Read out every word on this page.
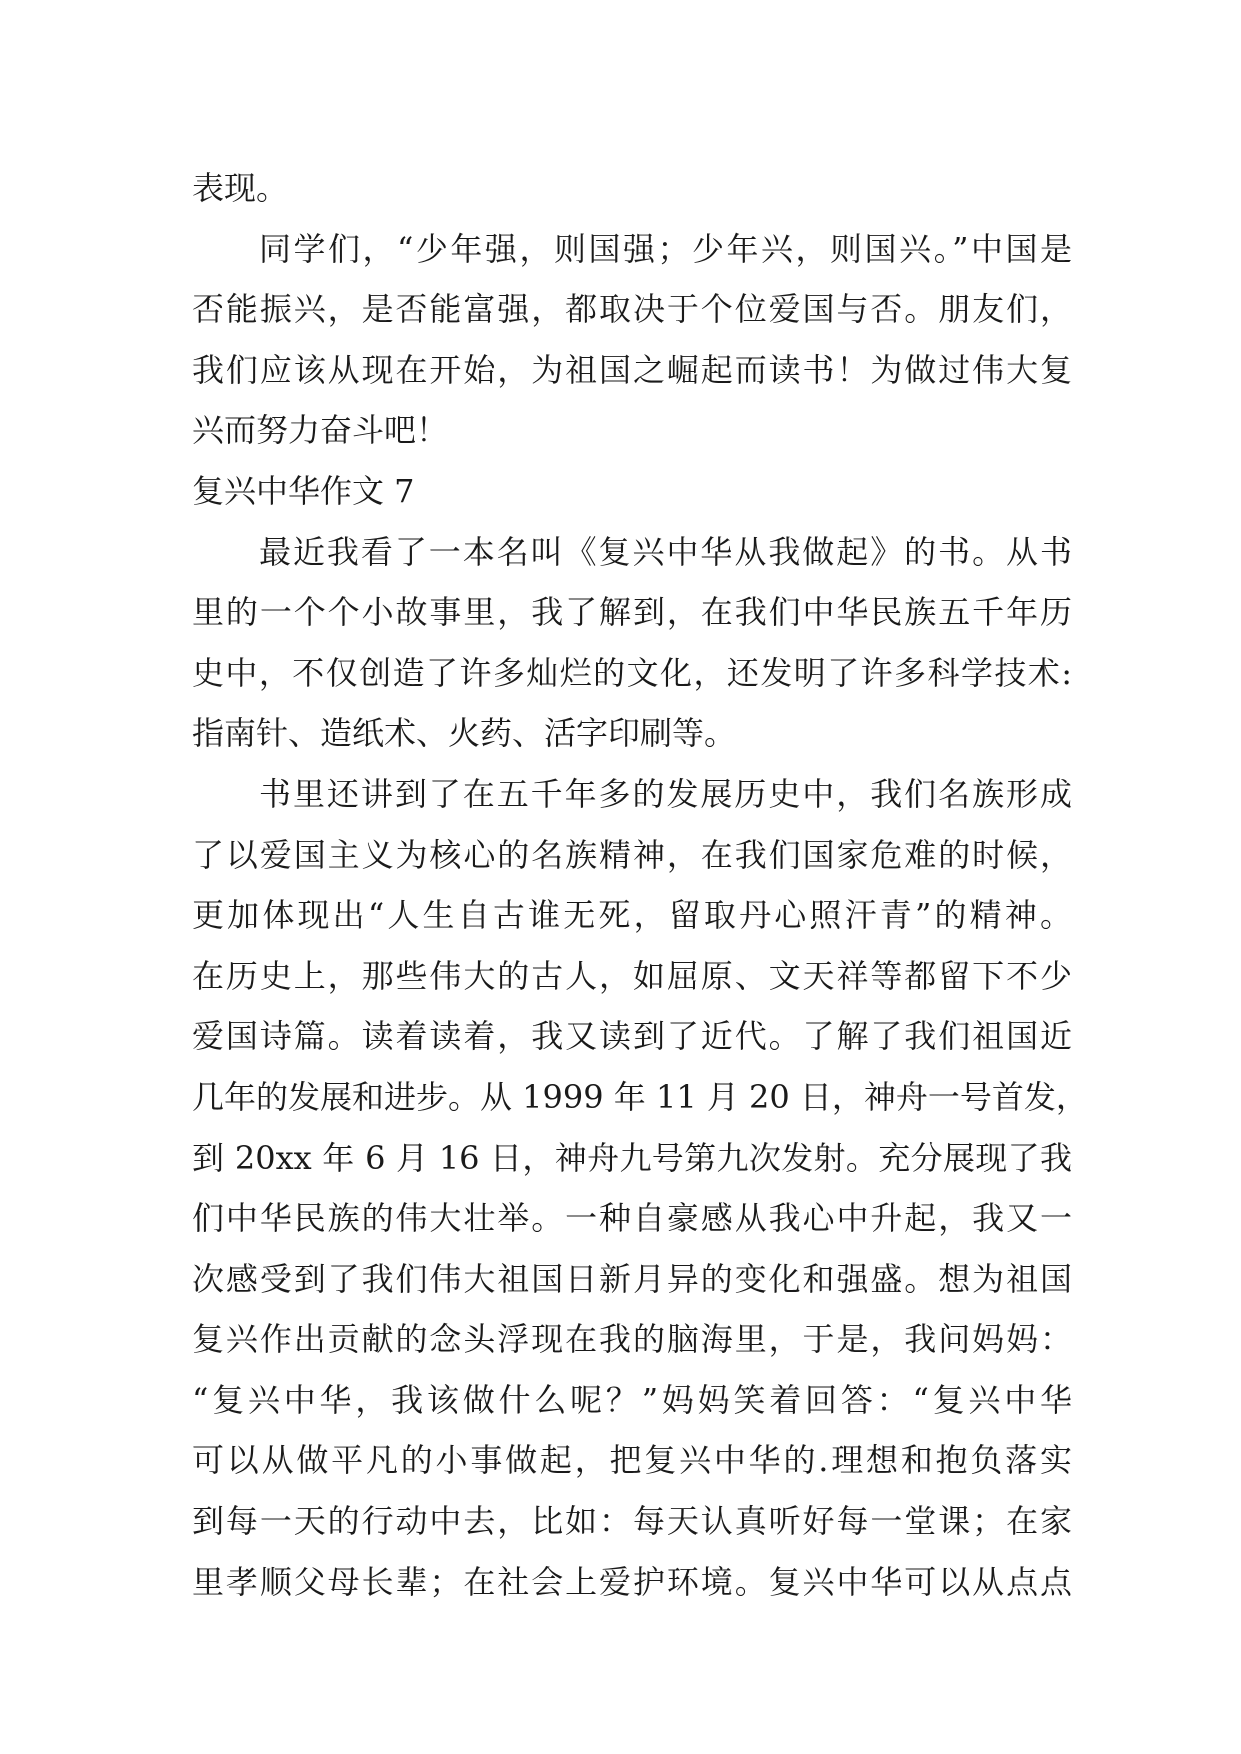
表现。
同学们，“少年强，则国强；少年兴，则国兴。”中国是
否能振兴，是否能富强，都取决于个位爱国与否。朋友们，
我们应该从现在开始，为祖国之崛起而读书！为做过伟大复
兴而努力奋斗吧！
复兴中华作文 7
最近我看了一本名叫《复兴中华从我做起》的书。从书
里的一个个小故事里，我了解到，在我们中华民族五千年历
史中，不仅创造了许多灿烂的文化，还发明了许多科学技术:
指南针、造纸术、火药、活字印刷等。
书里还讲到了在五千年多的发展历史中，我们名族形成
了以爱国主义为核心的名族精神，在我们国家危难的时候，
更加体现出“人生自古谁无死，留取丹心照汗青”的精神。
在历史上，那些伟大的古人，如屈原、文天祥等都留下不少
爱国诗篇。读着读着，我又读到了近代。了解了我们祖国近
几年的发展和进步。从 1999 年 11 月 20 日，神舟一号首发，
到 20xx 年 6 月 16 日，神舟九号第九次发射。充分展现了我
们中华民族的伟大壮举。一种自豪感从我心中升起，我又一
次感受到了我们伟大祖国日新月异的变化和强盛。想为祖国
复兴作出贡献的念头浮现在我的脑海里，于是，我问妈妈：
“复兴中华，我该做什么呢？”妈妈笑着回答：“复兴中华
可以从做平凡的小事做起，把复兴中华的.理想和抱负落实
到每一天的行动中去，比如：每天认真听好每一堂课；在家
里孝顺父母长辈；在社会上爱护环境。复兴中华可以从点点
